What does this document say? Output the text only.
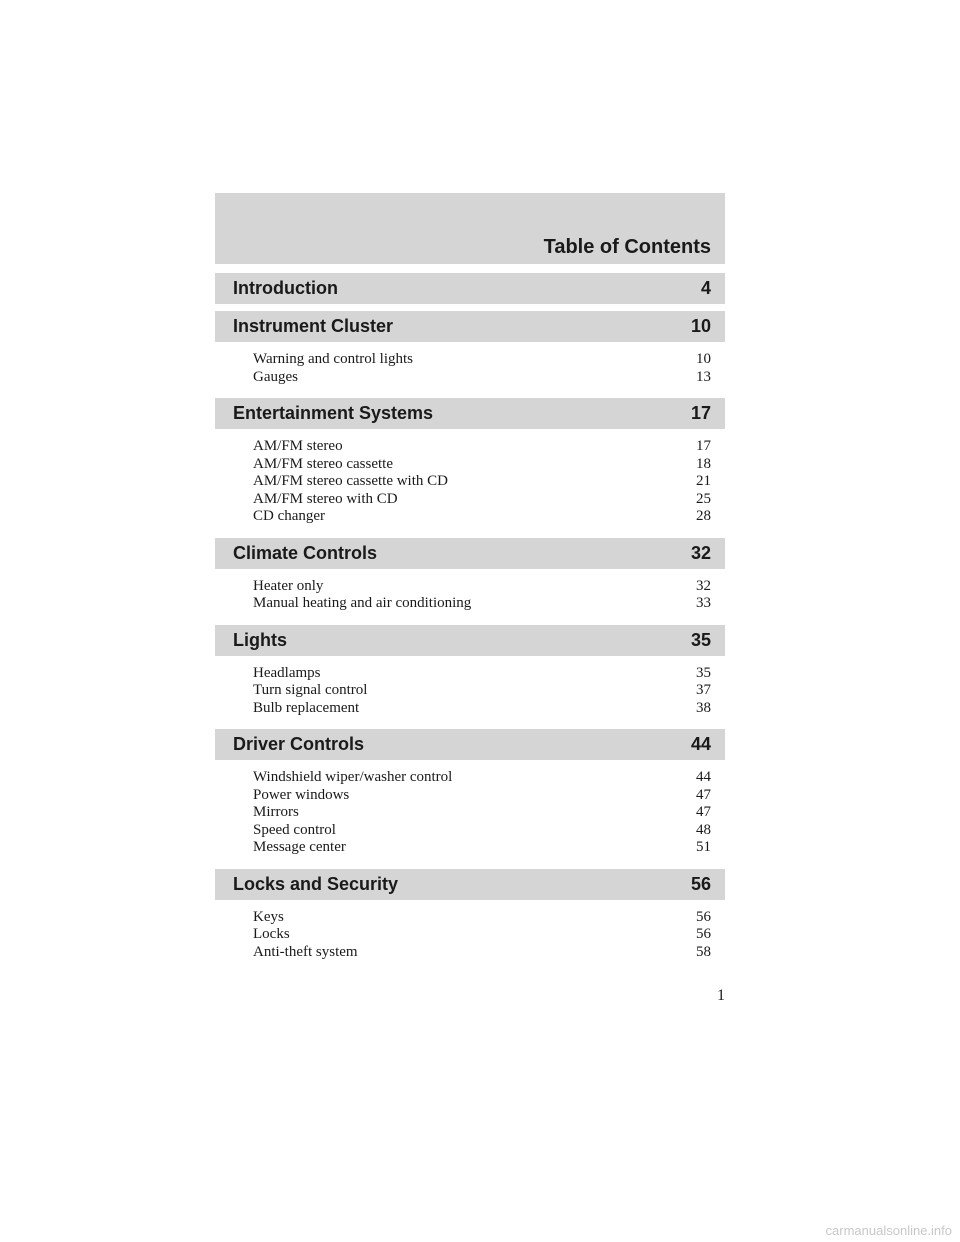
Table of Contents
Introduction	4
Instrument Cluster	10
Warning and control lights	10
Gauges	13
Entertainment Systems	17
AM/FM stereo	17
AM/FM stereo cassette	18
AM/FM stereo cassette with CD	21
AM/FM stereo with CD	25
CD changer	28
Climate Controls	32
Heater only	32
Manual heating and air conditioning	33
Lights	35
Headlamps	35
Turn signal control	37
Bulb replacement	38
Driver Controls	44
Windshield wiper/washer control	44
Power windows	47
Mirrors	47
Speed control	48
Message center	51
Locks and Security	56
Keys	56
Locks	56
Anti-theft system	58
1
carmanualsonline.info
